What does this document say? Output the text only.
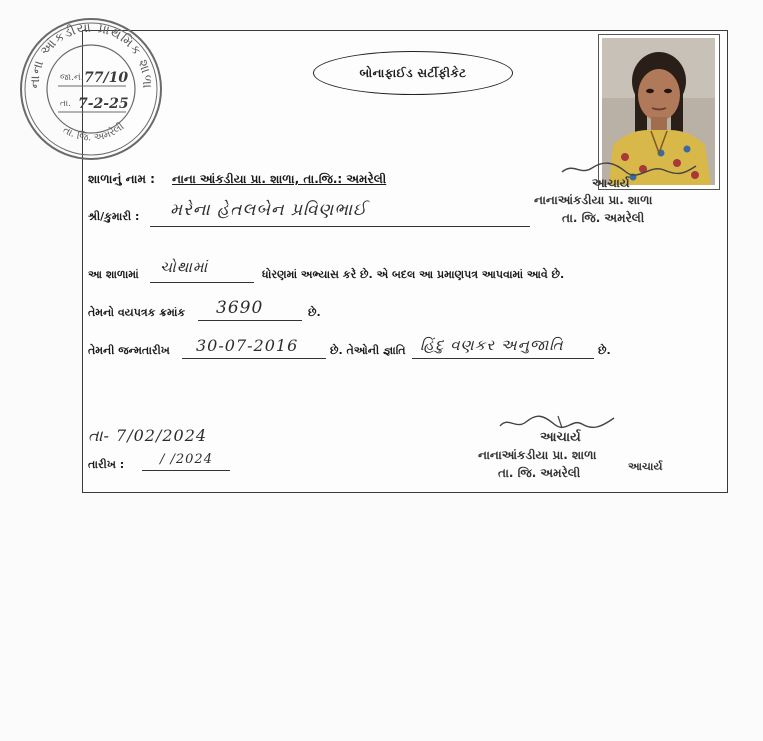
નાના આંકડીયા પ્રાથમિક શાળા
તા. જિ. અમરેલી
જા.નં. 77/10
તા. 7-2-25
બોનાફાઈડ સર્ટીફીકેટ
આચાર્ય
નાનાઆંકડીયા પ્રા. શાળા
તા. જિ. અમરેલી
શાળાનું નામ : નાના આંકડીયા પ્રા. શાળા, તા.જિ.: અમરેલી
શ્રી/કુમારી : મરેના હેતલબેન પ્રવિણભાઈ
આ શાળામાં ચોથામાં	ધોરણમાં અભ્યાસ કરે છે. એ બદલ આ પ્રમાણપત્ર આપવામાં આવે છે.
તેમનો વયપત્રક ક્રમાંક 3690	છે.
તેમની જન્મતારીખ 30-07-2016	છે. તેઓની જ્ઞાતિ હિંદુ વણકર અનુજાતિ	છે.
તા- 7/02/2024
તારીખ :	/ /2024
આચાર્ય
નાનાઆંકડીયા પ્રા. શાળા
તા. જિ. અમરેલી	આચાર્ય
